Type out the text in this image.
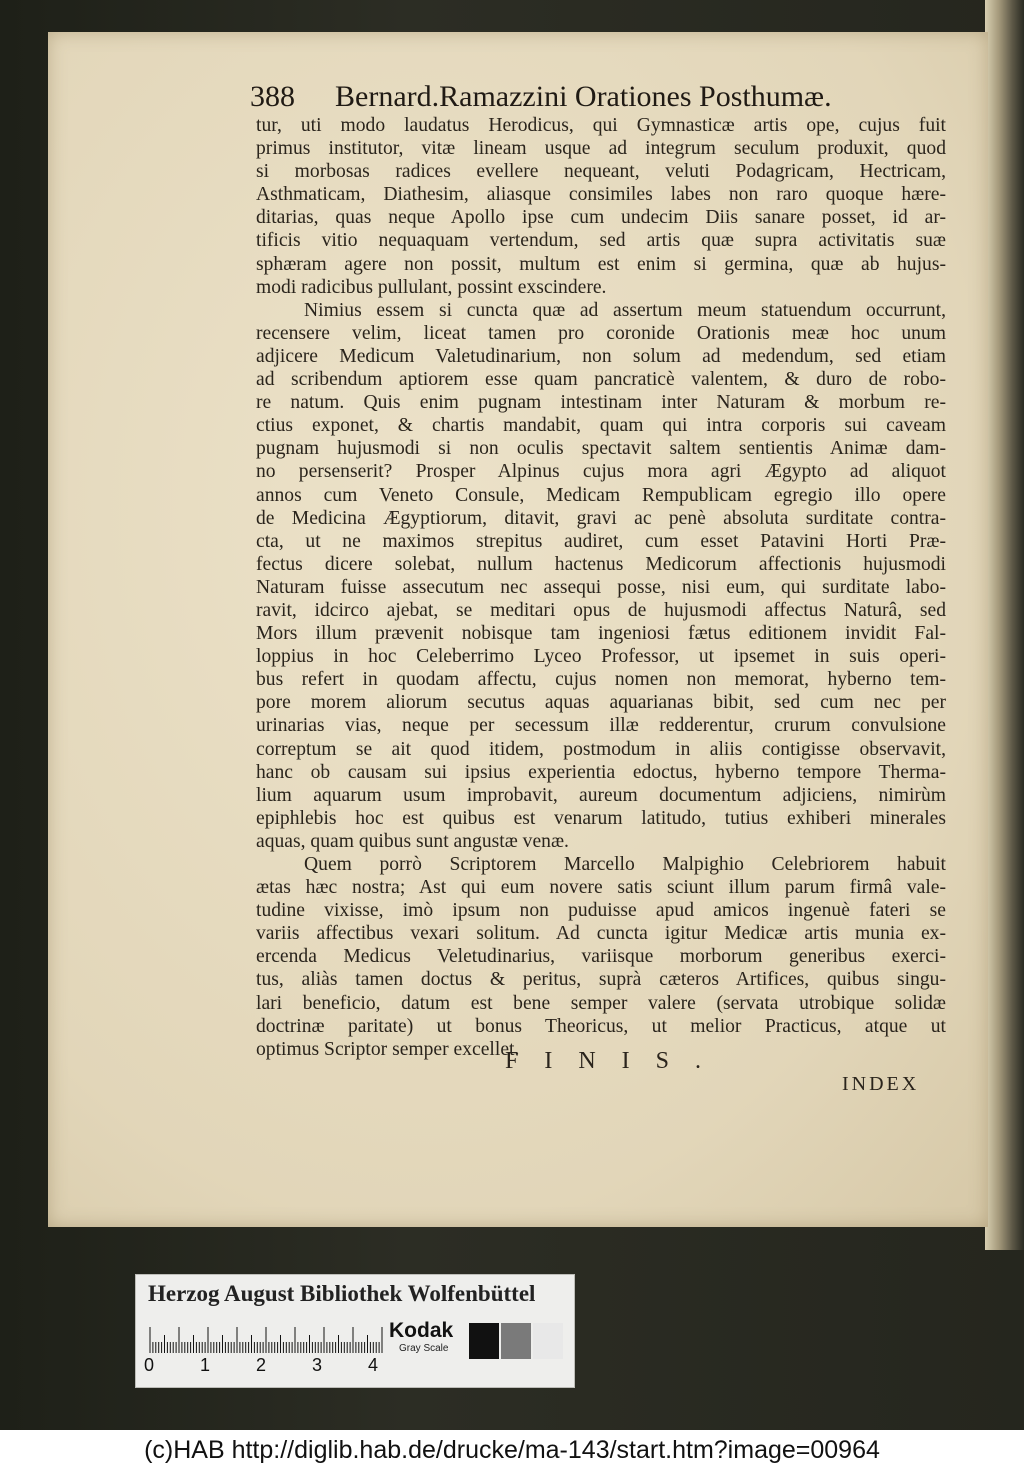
388 Bernard.Ramazzini Orationes Posthumæ.
tur, uti modo laudatus Herodicus, qui Gymnasticæ artis ope, cujus fuit
primus institutor, vitæ lineam usque ad integrum seculum produxit, quod
si morbosas radices evellere nequeant, veluti Podagricam, Hectricam,
Asthmaticam, Diathesim, aliasque consimiles labes non raro quoque hære-
ditarias, quas neque Apollo ipse cum undecim Diis sanare posset, id ar-
tificis vitio nequaquam vertendum, sed artis quæ supra activitatis suæ
sphæram agere non possit, multum est enim si germina, quæ ab hujus-
modi radicibus pullulant, possint exscindere.
Nimius essem si cuncta quæ ad assertum meum statuendum occurrunt,
recensere velim, liceat tamen pro coronide Orationis meæ hoc unum
adjicere Medicum Valetudinarium, non solum ad medendum, sed etiam
ad scribendum aptiorem esse quam pancraticè valentem, & duro de robo-
re natum. Quis enim pugnam intestinam inter Naturam & morbum re-
ctius exponet, & chartis mandabit, quam qui intra corporis sui caveam
pugnam hujusmodi si non oculis spectavit saltem sentientis Animæ dam-
no persenserit? Prosper Alpinus cujus mora agri Ægypto ad aliquot
annos cum Veneto Consule, Medicam Rempublicam egregio illo opere
de Medicina Ægyptiorum, ditavit, gravi ac penè absoluta surditate contra-
cta, ut ne maximos strepitus audiret, cum esset Patavini Horti Præ-
fectus dicere solebat, nullum hactenus Medicorum affectionis hujusmodi
Naturam fuisse assecutum nec assequi posse, nisi eum, qui surditate labo-
ravit, idcirco ajebat, se meditari opus de hujusmodi affectus Naturâ, sed
Mors illum prævenit nobisque tam ingeniosi fætus editionem invidit Fal-
loppius in hoc Celeberrimo Lyceo Professor, ut ipsemet in suis operi-
bus refert in quodam affectu, cujus nomen non memorat, hyberno tem-
pore morem aliorum secutus aquas aquarianas bibit, sed cum nec per
urinarias vias, neque per secessum illæ redderentur, crurum convulsione
correptum se ait quod itidem, postmodum in aliis contigisse observavit,
hanc ob causam sui ipsius experientia edoctus, hyberno tempore Therma-
lium aquarum usum improbavit, aureum documentum adjiciens, nimirùm
epiphlebis hoc est quibus est venarum latitudo, tutius exhiberi minerales
aquas, quam quibus sunt angustæ venæ.
Quem porrò Scriptorem Marcello Malpighio Celebriorem habuit
ætas hæc nostra; Ast qui eum novere satis sciunt illum parum firmâ vale-
tudine vixisse, imò ipsum non puduisse apud amicos ingenuè fateri se
variis affectibus vexari solitum. Ad cuncta igitur Medicæ artis munia ex-
ercenda Medicus Veletudinarius, variisque morborum generibus exerci-
tus, aliàs tamen doctus & peritus, suprà cæteros Artifices, quibus singu-
lari beneficio, datum est bene semper valere (servata utrobique solidæ
doctrinæ paritate) ut bonus Theoricus, ut melior Practicus, atque ut
optimus Scriptor semper excellet.
FINIS.
INDEX
Herzog August Bibliothek Wolfenbüttel
0	1	2	3	4
Kodak
Gray Scale
(c)HAB http://diglib.hab.de/drucke/ma-143/start.htm?image=00964
